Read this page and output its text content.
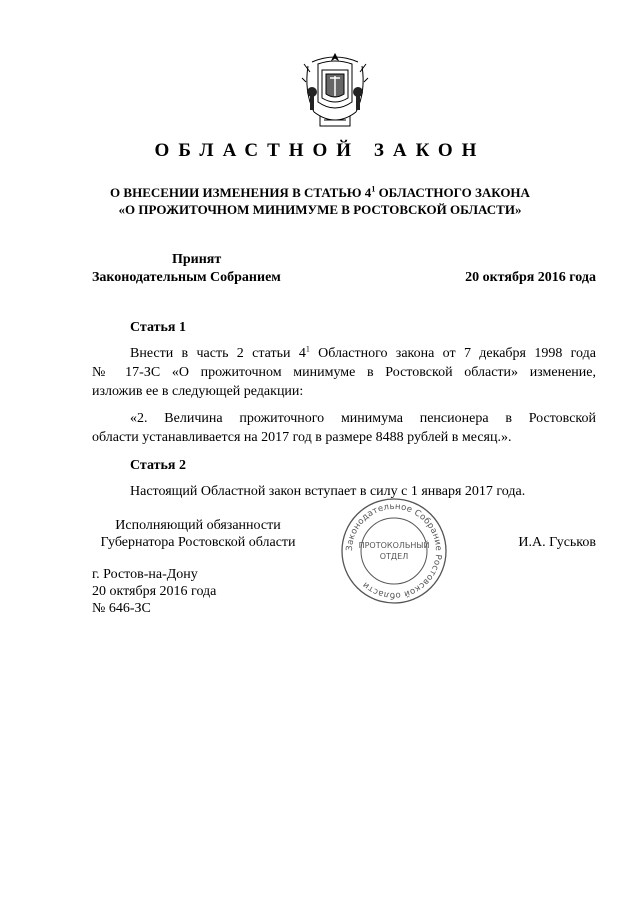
ОБЛАСТНОЙ ЗАКОН
О ВНЕСЕНИИ ИЗМЕНЕНИЯ В СТАТЬЮ $4^1$ ОБЛАСТНОГО ЗАКОНА
«О ПРОЖИТОЧНОМ МИНИМУМЕ В РОСТОВСКОЙ ОБЛАСТИ»
Принят
Законодательным Собранием	20 октября 2016 года
Статья 1
Внести в часть 2 статьи $4^1$ Областного закона от 7 декабря 1998 года
№ 17-ЗС «О прожиточном минимуме в Ростовской области» изменение,
изложив ее в следующей редакции:
«2. Величина прожиточного минимума пенсионера в Ростовской
области устанавливается на 2017 год в размере 8488 рублей в месяц.».
Статья 2
Настоящий Областной закон вступает в силу с 1 января 2017 года.
Исполняющий обязанности
Губернатора Ростовской области	И.А. Гуськов
Законодательное Собрание Ростовской области
ПРОТОКОЛЬНЫЙ
ОТДЕЛ
г. Ростов-на-Дону
20 октября 2016 года
№ 646-ЗС
